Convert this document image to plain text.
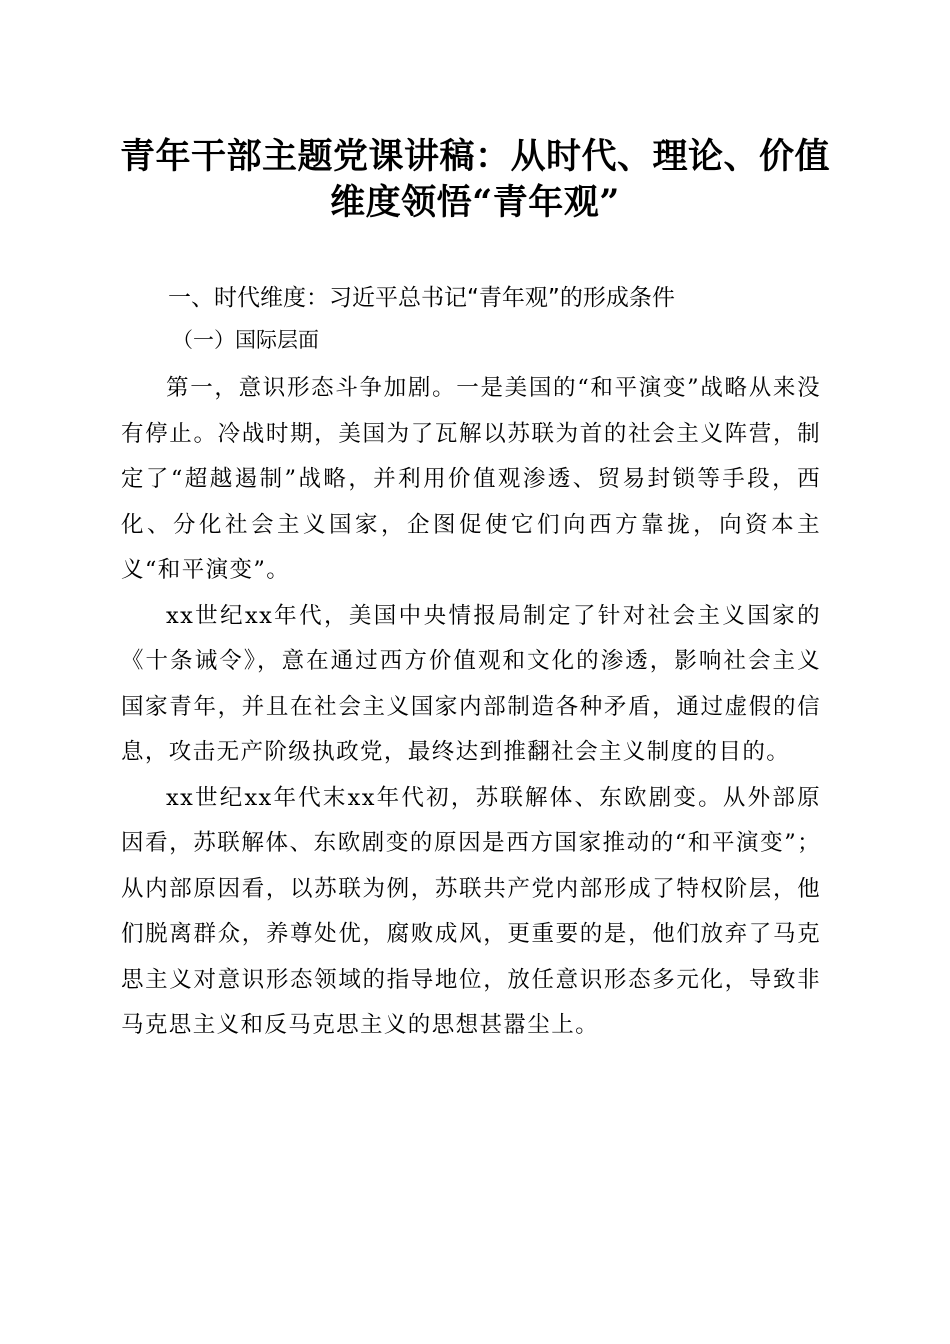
青年干部主题党课讲稿：从时代、理论、价值
维度领悟“青年观”
一、时代维度：习近平总书记“青年观”的形成条件
（一）国际层面

第一，意识形态斗争加剧。一是美国的“和平演变”战略从来没有停止。冷战时期，美国为了瓦解以苏联为首的社会主义阵营，制定了“超越遏制”战略，并利用价值观渗透、贸易封锁等手段，西化、分化社会主义国家，企图促使它们向西方靠拢，向资本主义“和平演变”。

xx世纪xx年代，美国中央情报局制定了针对社会主义国家的《十条诫令》，意在通过西方价值观和文化的渗透，影响社会主义国家青年，并且在社会主义国家内部制造各种矛盾，通过虚假的信息，攻击无产阶级执政党，最终达到推翻社会主义制度的目的。

xx世纪xx年代末xx年代初，苏联解体、东欧剧变。从外部原因看，苏联解体、东欧剧变的原因是西方国家推动的“和平演变”；从内部原因看，以苏联为例，苏联共产党内部形成了特权阶层，他们脱离群众，养尊处优，腐败成风，更重要的是，他们放弃了马克思主义对意识形态领域的指导地位，放任意识形态多元化，导致非马克思主义和反马克思主义的思想甚嚣尘上。
